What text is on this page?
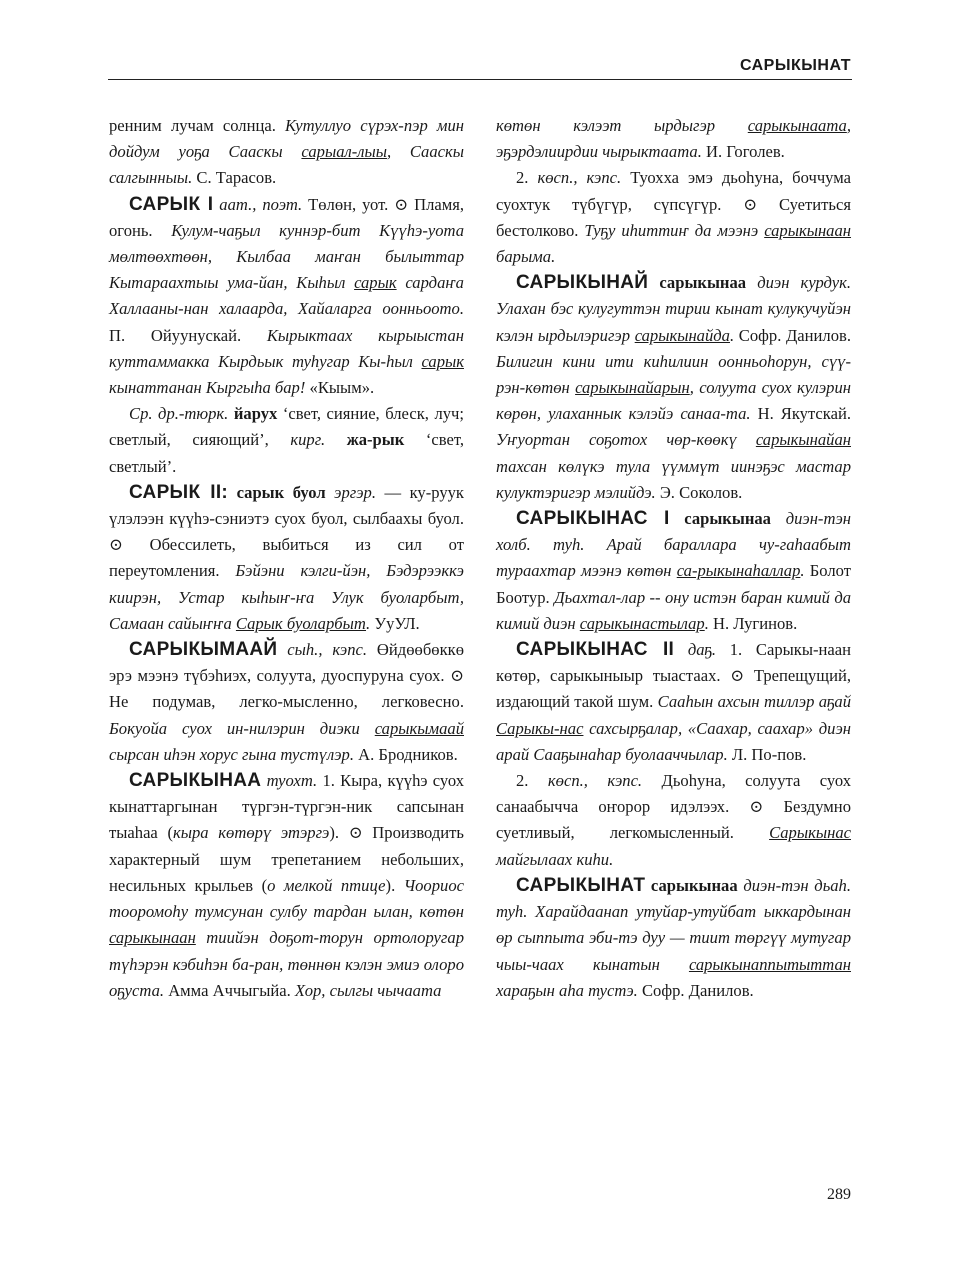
САРЫКЫНАТ

ренним лучам солнца. Кутуллуо сүрэх-пэр мин дойдум уоҕа Сааскы сарыал-лыы, Сааскы салгынныы. С. Тарасов.

САРЫК I аат., поэт. Төлөн, уот. ⊙ Пламя, огонь. Кулум-чаҕыл куннэр-бит Күүһэ-уота мөлтөөхтөөн, Кылбаа маҥан былыттар Кытараахтыы ума-йан, Кыһыл сарык сардаҥа Халлааны-нан халаарда, Хайаларга оонньоото. П. Ойуунускай. Кырыктаах кырыыстан куттаммакка Кырдьык туһугар Кы-һыл сарык кынаттанан Кыргыһа бар! «Кыым».

Ср. др.-тюрк. йарух ‘свет, сияние, блеск, луч; светлый, сияющий’, кирг. жа-рык ‘свет, светлый’.

САРЫК II: сарык буол эргэр. — ку-руук үлэлээн күүһэ-сэниэтэ суох буол, сылбаахы буол. ⊙ Обессилеть, выбиться из сил от переутомления. Бэйэни кэлги-йэн, Бэдэрээккэ киирэн, Устар кыһыҥ-ҥа Улук буоларбыт, Самаан сайыҥҥа Сарык буоларбыт. УуУЛ.

САРЫКЫМААЙ сыһ., кэпс. Өйдөөбөккө эрэ мээнэ түбэһиэх, солуута, дуоспуруна суох. ⊙ Не подумав, легко-мысленно, легковесно. Бокуойа суох ин-нилэрин диэки сарыкымаай сырсан иһэн хорус гына тустүлэр. А. Бродников.

САРЫКЫНАА туохт. 1. Кыра, күүһэ суох кынаттаргынан түргэн-түргэн-ник сапсынан тыаһаа (кыра көтөрү этэргэ). ⊙ Производить характерный шум трепетанием небольших, несильных крыльев (о мелкой птице). Чоорuос тооромоһу тумсунан сулбу тардан ылан, көтөн сарыкынаан тиийэн доҕот-торун ортолоругар түһэрэн кэбиһэн ба-ран, төннөн кэлэн эмиэ олоро оҕуста. Амма Аччыгыйа. Хор, сылгы чычаата

көтөн кэлээт ырдыгэр сарыкынаата, эҕэрдэлиирдии чырыктаата. И. Гоголев.

2. көсп., кэпс. Туохха эмэ дьоһуна, боччума суохтук түбүгүр, сүпсүгүр. ⊙ Суетиться бестолково. Туҕу иһиттиҥ да мээнэ сарыкынаан барыма.

САРЫКЫНАЙ сарыкынаа диэн курдук. Улахан бэс кулугуттэн тирии кынат кулукучуйэн кэлэн ырдылэригэр сарыкынайда. Софр. Данилов. Билигин кини ити киһилиин оонньоһорун, сүү-рэн-көтөн сарыкынайарын, солуута суох кулэрин көрөн, улаханнык кэлэйэ санаа-та. Н. Якутскай. Уҥуортан соҕотох чөр-көөкү сарыкынайан тахсан көлүкэ тула үүммүт иинэҕэс мастар кулуктэригэр мэлийдэ. Э. Соколов.

САРЫКЫНАС I сарыкынаа диэн-тэн холб. туһ. Арай бараллара чу-гаһаабыт тураахтар мээнэ көтөн са-рыкынаһаллар. Болот Боотур. Дьахтал-лар -- ону истэн баран кимий да кимий диэн сарыкынастылар. Н. Лугинов.

САРЫКЫНАС II даҕ. 1. Сарыкы-наан көтөр, сарыкыныыр тыастаах. ⊙ Трепещущий, издающий такой шум. Сааһын ахсын тиллэр аҕай Сарыкы-нас сахсырҕалар, «Саахар, саахар» диэн арай Сааҕынаһар буолааччылар. Л. По-пов.

2. көсп., кэпс. Дьоһуна, солуута суох санаабычча оҥорор идэлээх. ⊙ Бездумно суетливый, легкомысленный. Сарыкынас майгылаах киһи.

САРЫКЫНАТ сарыкынаа диэн-тэн дьаһ. туһ. Харайдаанап утуйар-утуйбат ыккардынан өр сыппыта эби-тэ дуу — тиит төргүү мутугар чыы-чаах кынатын сарыкынаппытыттан хараҕын аһа тустэ. Софр. Данилов.

289
